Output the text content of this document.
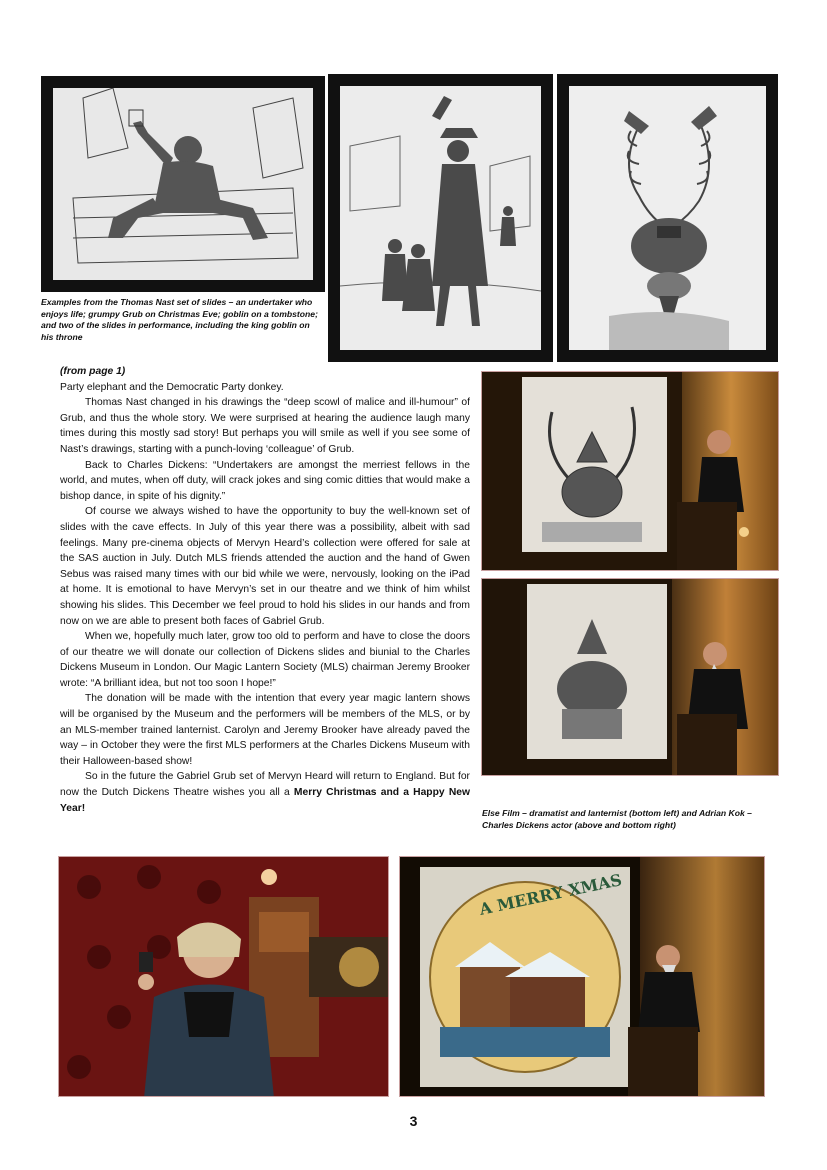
Examples from the Thomas Nast set of slides – an undertaker who enjoys life; grumpy Grub on Christmas Eve; goblin on a tombstone; and two of the slides in performance, including the king goblin on his throne

(from page 1)

Party elephant and the Democratic Party donkey.

Thomas Nast changed in his drawings the “deep scowl of malice and ill-humour” of Grub, and thus the whole story. We were surprised at hearing the audience laugh many times during this mostly sad story! But perhaps you will smile as well if you see some of Nast’s drawings, starting with a punch-loving ‘colleague’ of Grub.

Back to Charles Dickens: “Undertakers are amongst the merriest fellows in the world, and mutes, when off duty, will crack jokes and sing comic ditties that would make a bishop dance, in spite of his dignity.”

Of course we always wished to have the opportunity to buy the well-known set of slides with the cave effects. In July of this year there was a possibility, albeit with sad feelings. Many pre-cinema objects of Mervyn Heard’s collection were offered for sale at the SAS auction in July. Dutch MLS friends attended the auction and the hand of Gwen Sebus was raised many times with our bid while we were, nervously, looking on the iPad at home. It is emotional to have Mervyn’s set in our theatre and we think of him whilst showing his slides. This December we feel proud to hold his slides in our hands and from now on we are able to present both faces of Gabriel Grub.

When we, hopefully much later, grow too old to perform and have to close the doors of our theatre we will donate our collection of Dickens slides and biunial to the Charles Dickens Museum in London. Our Magic Lantern Society (MLS) chairman Jeremy Brooker wrote: “A brilliant idea, but not too soon I hope!”

The donation will be made with the intention that every year magic lantern shows will be organised by the Museum and the performers will be members of the MLS, or by an MLS-member trained lanternist. Carolyn and Jeremy Brooker have already paved the way – in October they were the first MLS performers at the Charles Dickens Museum with their Halloween-based show!

So in the future the Gabriel Grub set of Mervyn Heard will return to England. But for now the Dutch Dickens Theatre wishes you all a Merry Christmas and a Happy New Year!	Else Film – dramatist and lanternist (bottom left) and Adrian Kok – Charles Dickens actor (above and bottom right)
A MERRY XMAS
3
